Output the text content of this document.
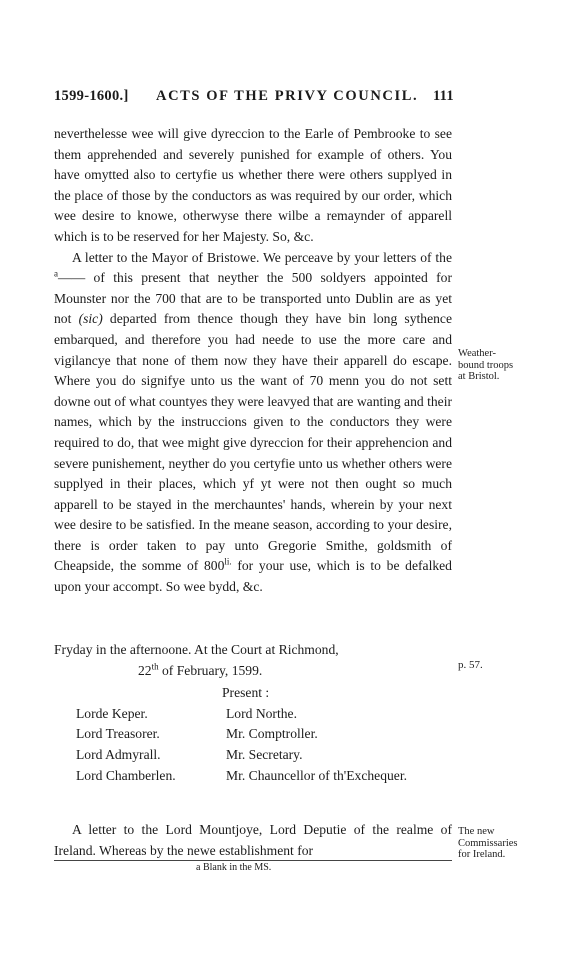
1599-1600.] ACTS OF THE PRIVY COUNCIL. 111

neverthelesse wee will give dyreccion to the Earle of Pembrooke to see them apprehended and severely punished for example of others. You have omytted also to certyfie us whether there were others supplyed in the place of those by the conductors as was required by our order, which wee desire to knowe, otherwyse there wilbe a remaynder of apparell which is to be reserved for her Majesty. So, &c.

A letter to the Mayor of Bristowe. We perceave by your letters of the $^a$—— of this present that neyther the 500 soldyers appointed for Mounster nor the 700 that are to be transported unto Dublin are as yet not (sic) departed from thence though they have bin long sythence embarqued, and therefore you had neede to use the more care and vigilancye that none of them now they have their apparell do escape. Where you do signifye unto us the want of 70 menn you do not sett downe out of what countyes they were leavyed that are wanting and their names, which by the instruccions given to the conductors they were required to do, that wee might give dyreccion for their apprehencion and severe punishement, neyther do you certyfie unto us whether others were supplyed in their places, which yf yt were not then ought so much apparell to be stayed in the merchauntes' hands, wherein by your next wee desire to be satisfied. In the meane season, according to your desire, there is order taken to pay unto Gregorie Smithe, goldsmith of Cheapside, the somme of $800^{li.}$ for your use, which is to be defalked upon your accompt. So wee bydd, &c.

Fryday in the afternoone. At the Court at Richmond,
22th of February, 1599.
Present :
Lorde Keper.	Lord Northe.
Lord Treasorer.	Mr. Comptroller.
Lord Admyrall.	Mr. Secretary.
Lord Chamberlen.	Mr. Chauncellor of th'Exchequer.

A letter to the Lord Mountjoye, Lord Deputie of the realme of Ireland. Whereas by the newe establishment for

a Blank in the MS.
Weather-
bound troops
at Bristol.
p. 57.
The new
Commissaries
for Ireland.
